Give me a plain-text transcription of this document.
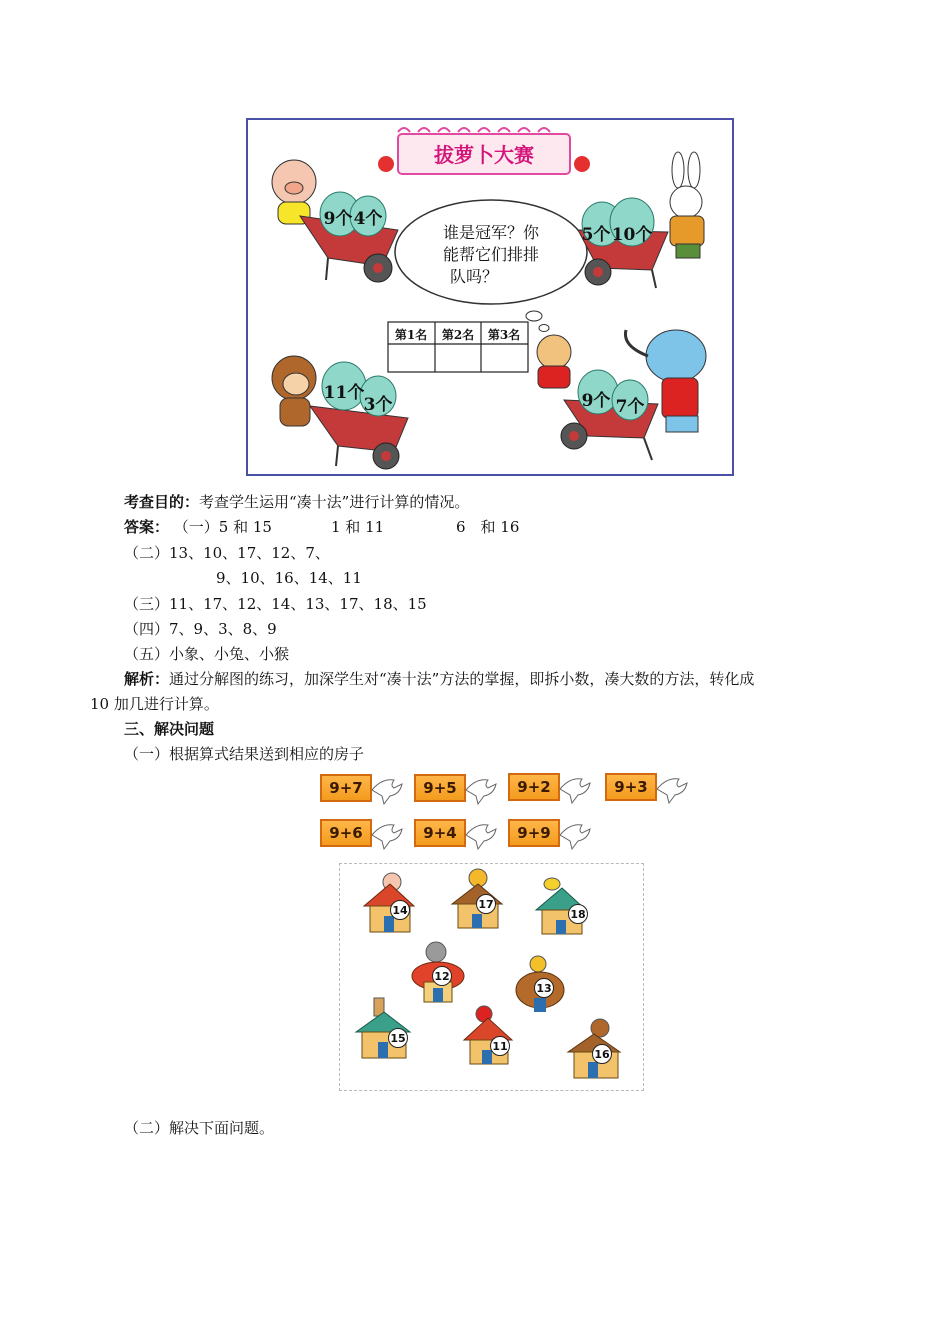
拔萝卜大赛
谁是冠军？你
能帮它们排排
队吗？
第1名 第2名 第3名
9个 4个
5个 10个
11个
3个	9个 7个
考查目的：考查学生运用“凑十法”进行计算的情况。
答案： （一）5 和 15	1 和 11	6　和 16
（二）13、10、17、12、7、
9、10、16、14、11
（三）11、17、12、14、13、17、18、15
（四）7、9、3、8、9
（五）小象、小兔、小猴
解析：通过分解图的练习，加深学生对“凑十法”方法的掌握，即拆小数，凑大数的方法，转化成
10 加几进行计算。
三、解决问题
（一）根据算式结果送到相应的房子
9+7	9+5	9+2	9+3
9+6	9+4	9+9
14	17
18
12
13
15
11
16
（二）解决下面问题。
